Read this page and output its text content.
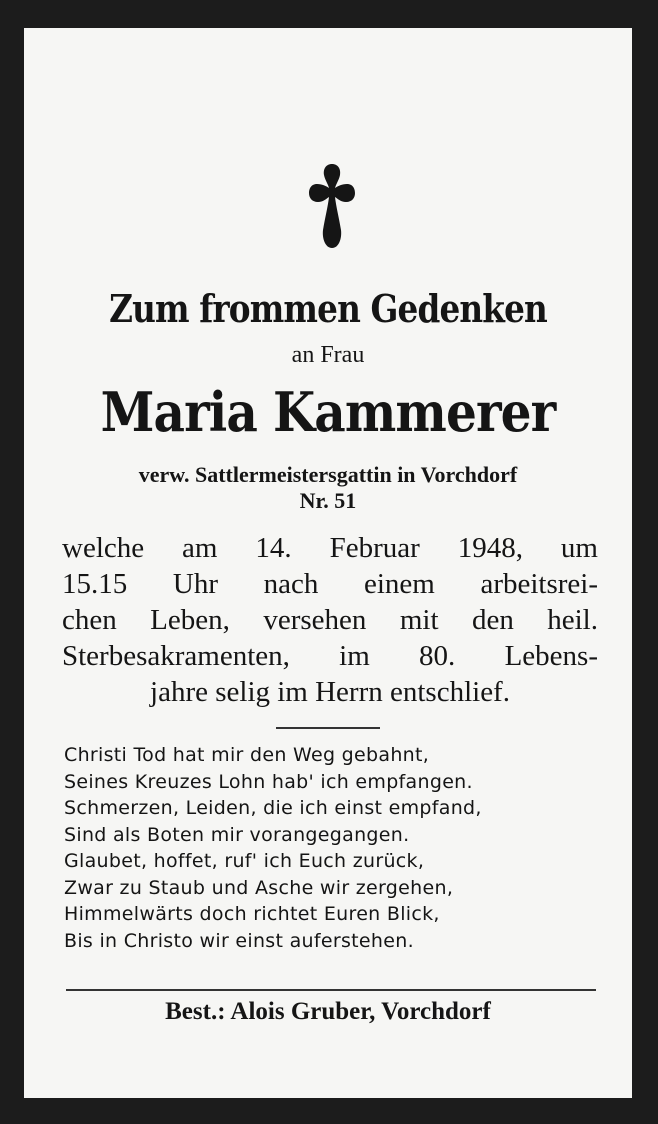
Zum frommen Gedenken
an Frau
Maria Kammerer
verw. Sattlermeistersgattin in Vorchdorf
Nr. 51
welche am 14. Februar 1948, um
15.15 Uhr nach einem arbeitsrei-
chen Leben, versehen mit den heil.
Sterbesakramenten, im 80. Lebens-
jahre selig im Herrn entschlief.
Christi Tod hat mir den Weg gebahnt,
Seines Kreuzes Lohn hab' ich empfangen.
Schmerzen, Leiden, die ich einst empfand,
Sind als Boten mir vorangegangen.
Glaubet, hoffet, ruf' ich Euch zurück,
Zwar zu Staub und Asche wir zergehen,
Himmelwärts doch richtet Euren Blick,
Bis in Christo wir einst auferstehen.
Best.: Alois Gruber, Vorchdorf
